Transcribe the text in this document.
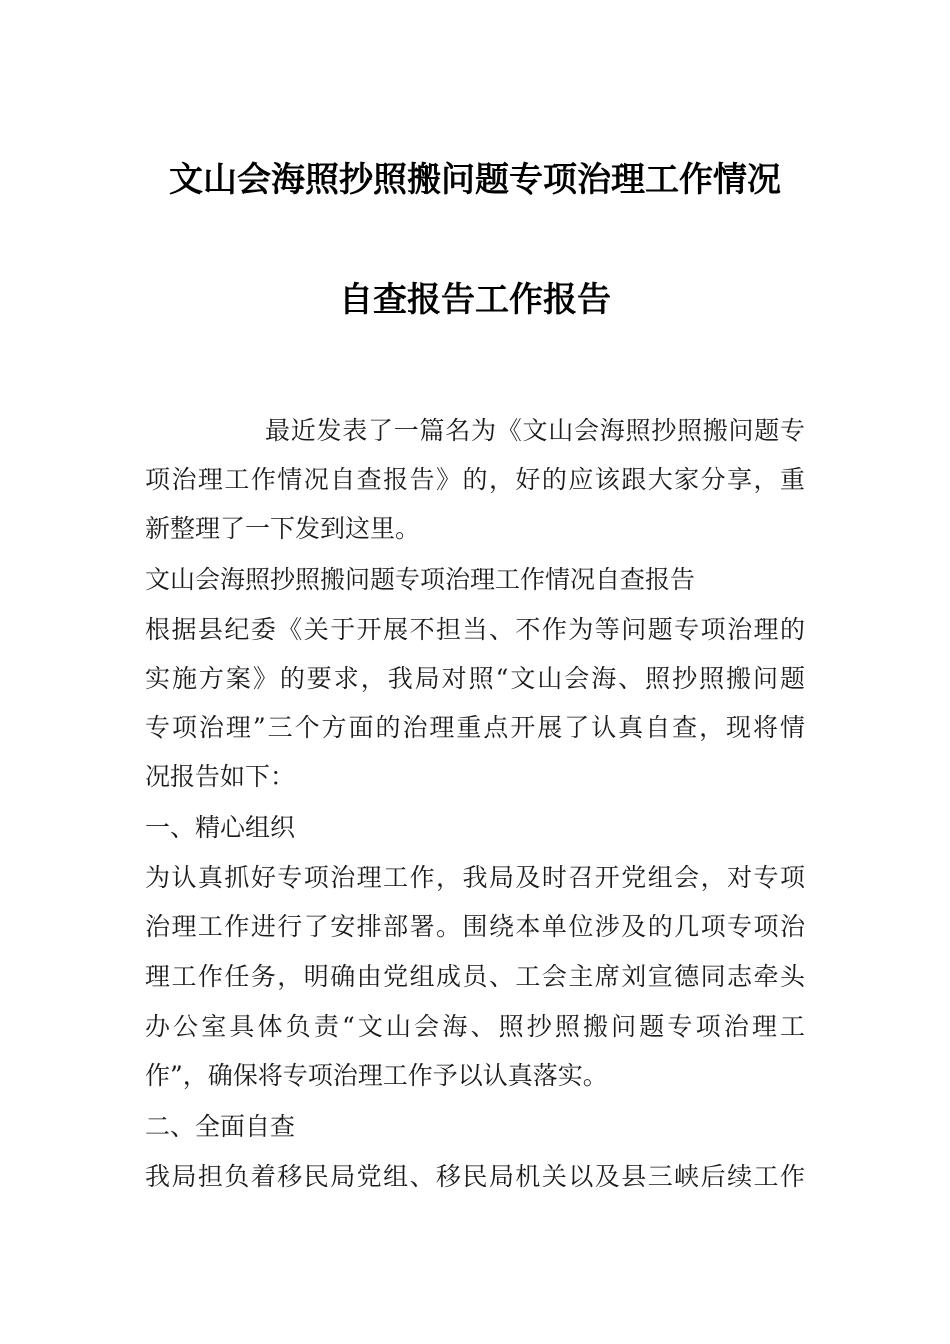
文山会海照抄照搬问题专项治理工作情况
自查报告工作报告
最近发表了一篇名为《文山会海照抄照搬问题专
项治理工作情况自查报告》的，好的应该跟大家分享，重
新整理了一下发到这里。
文山会海照抄照搬问题专项治理工作情况自查报告
根据县纪委《关于开展不担当、不作为等问题专项治理的
实施方案》的要求，我局对照“文山会海、照抄照搬问题
专项治理”三个方面的治理重点开展了认真自查，现将情
况报告如下：
一、精心组织
为认真抓好专项治理工作，我局及时召开党组会，对专项
治理工作进行了安排部署。围绕本单位涉及的几项专项治
理工作任务，明确由党组成员、工会主席刘宣德同志牵头
办公室具体负责“文山会海、照抄照搬问题专项治理工
作”，确保将专项治理工作予以认真落实。
二、全面自查
我局担负着移民局党组、移民局机关以及县三峡后续工作
